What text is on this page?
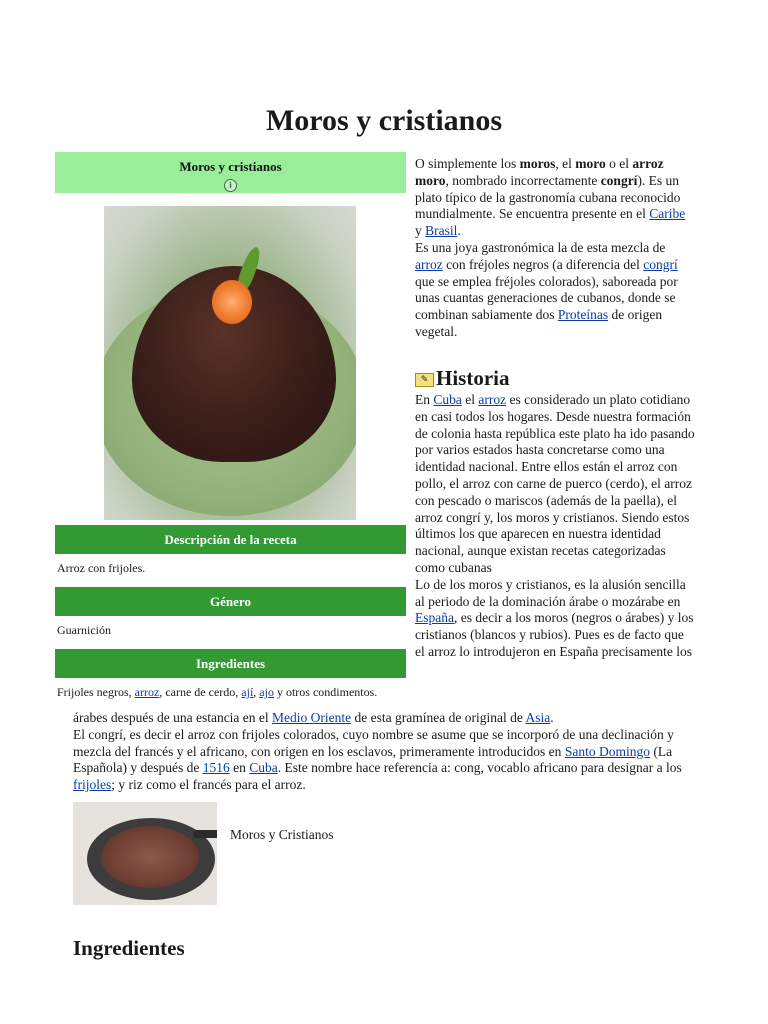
Moros y cristianos
Moros y cristianos
i
Descripción de la receta
Arroz con frijoles.
Género
Guarnición
Ingredientes
Frijoles negros, arroz, carne de cerdo, ají, ajo y otros condimentos.

O simplemente los moros, el moro o el arroz moro, nombrado incorrectamente congrí). Es un plato típico de la gastronomía cubana reconocido mundialmente. Se encuentra presente en el Caribe y Brasil.

Es una joya gastronómica la de esta mezcla de arroz con fréjoles negros (a diferencia del congrí que se emplea fréjoles colorados), saboreada por unas cuantas generaciones de cubanos, donde se combinan sabiamente dos Proteínas de origen vegetal.

✎ Historia

En Cuba el arroz es considerado un plato cotidiano en casi todos los hogares. Desde nuestra formación de colonia hasta república este plato ha ido pasando por varios estados hasta concretarse como una identidad nacional. Entre ellos están el arroz con pollo, el arroz con carne de puerco (cerdo), el arroz con pescado o mariscos (además de la paella), el arroz congrí y, los moros y cristianos. Siendo estos últimos los que aparecen en nuestra identidad nacional, aunque existan recetas categorizadas como cubanas

Lo de los moros y cristianos, es la alusión sencilla al periodo de la dominación árabe o mozárabe en España, es decir a los moros (negros o árabes) y los cristianos (blancos y rubios). Pues es de facto que el arroz lo introdujeron en España precisamente los

árabes después de una estancia en el Medio Oriente de esta gramínea de original de Asia.

El congrí, es decir el arroz con frijoles colorados, cuyo nombre se asume que se incorporó de una declinación y mezcla del francés y el africano, con origen en los esclavos, primeramente introducidos en Santo Domingo (La Española) y después de 1516 en Cuba. Este nombre hace referencia a: cong, vocablo africano para designar a los frijoles; y riz como el francés para el arroz.

Moros y Cristianos
Ingredientes
